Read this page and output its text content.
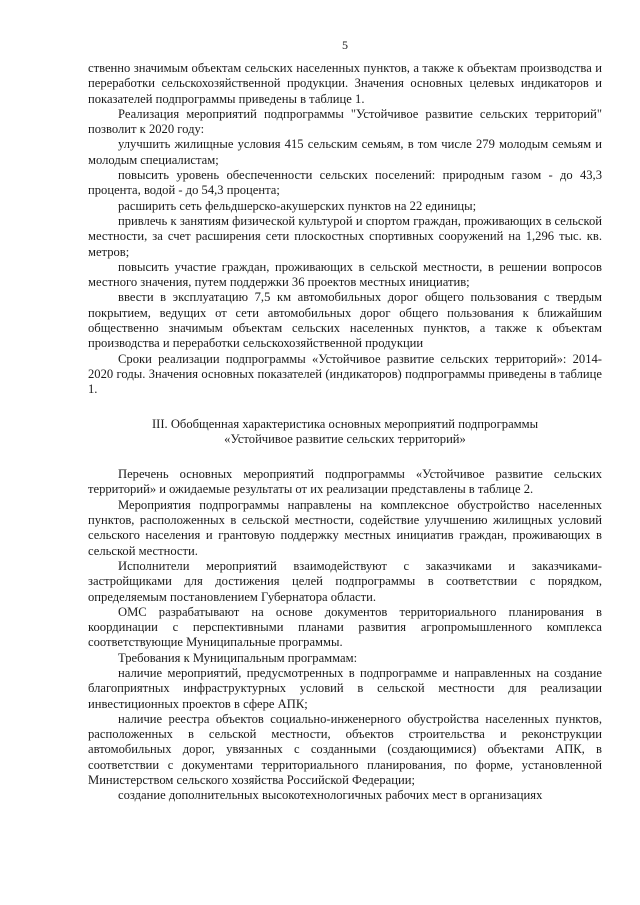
5

ственно значимым объектам сельских населенных пунктов, а также к объектам производства и переработки сельскохозяйственной продукции. Значения основных целевых индикаторов и показателей подпрограммы приведены в таблице 1.

Реализация мероприятий подпрограммы "Устойчивое развитие сельских территорий" позволит к 2020 году:

улучшить жилищные условия 415 сельским семьям, в том числе 279 молодым семьям и молодым специалистам;

повысить уровень обеспеченности сельских поселений: природным газом - до 43,3 процента, водой - до 54,3 процента;

расширить сеть фельдшерско-акушерских пунктов на 22 единицы;

привлечь к занятиям физической культурой и спортом граждан, проживающих в сельской местности, за счет расширения сети плоскостных спортивных сооружений на 1,296 тыс. кв. метров;

повысить участие граждан, проживающих в сельской местности, в решении вопросов местного значения, путем поддержки 36 проектов местных инициатив;

ввести в эксплуатацию 7,5 км автомобильных дорог общего пользования с твердым покрытием, ведущих от сети автомобильных дорог общего пользования к ближайшим общественно значимым объектам сельских населенных пунктов, а также к объектам производства и переработки сельскохозяйственной продукции

Сроки реализации подпрограммы «Устойчивое развитие сельских территорий»: 2014-2020 годы. Значения основных показателей (индикаторов) подпрограммы приведены в таблице 1.

III. Обобщенная характеристика основных мероприятий подпрограммы
«Устойчивое развитие сельских территорий»

Перечень основных мероприятий подпрограммы «Устойчивое развитие сельских территорий» и ожидаемые результаты от их реализации представлены в таблице 2.

Мероприятия подпрограммы направлены на комплексное обустройство населенных пунктов, расположенных в сельской местности, содействие улучшению жилищных условий сельского населения и грантовую поддержку местных инициатив граждан, проживающих в сельской местности.

Исполнители мероприятий взаимодействуют с заказчиками и заказчиками-застройщиками для достижения целей подпрограммы в соответствии с порядком, определяемым постановлением Губернатора области.

ОМС разрабатывают на основе документов территориального планирования в координации с перспективными планами развития агропромышленного комплекса соответствующие Муниципальные программы.

Требования к Муниципальным программам:

наличие мероприятий, предусмотренных в подпрограмме и направленных на создание благоприятных инфраструктурных условий в сельской местности для реализации инвестиционных проектов в сфере АПК;

наличие реестра объектов социально-инженерного обустройства населенных пунктов, расположенных в сельской местности, объектов строительства и реконструкции автомобильных дорог, увязанных с созданными (создающимися) объектами АПК, в соответствии с документами территориального планирования, по форме, установленной Министерством сельского хозяйства Российской Федерации;

создание дополнительных высокотехнологичных рабочих мест в организациях
